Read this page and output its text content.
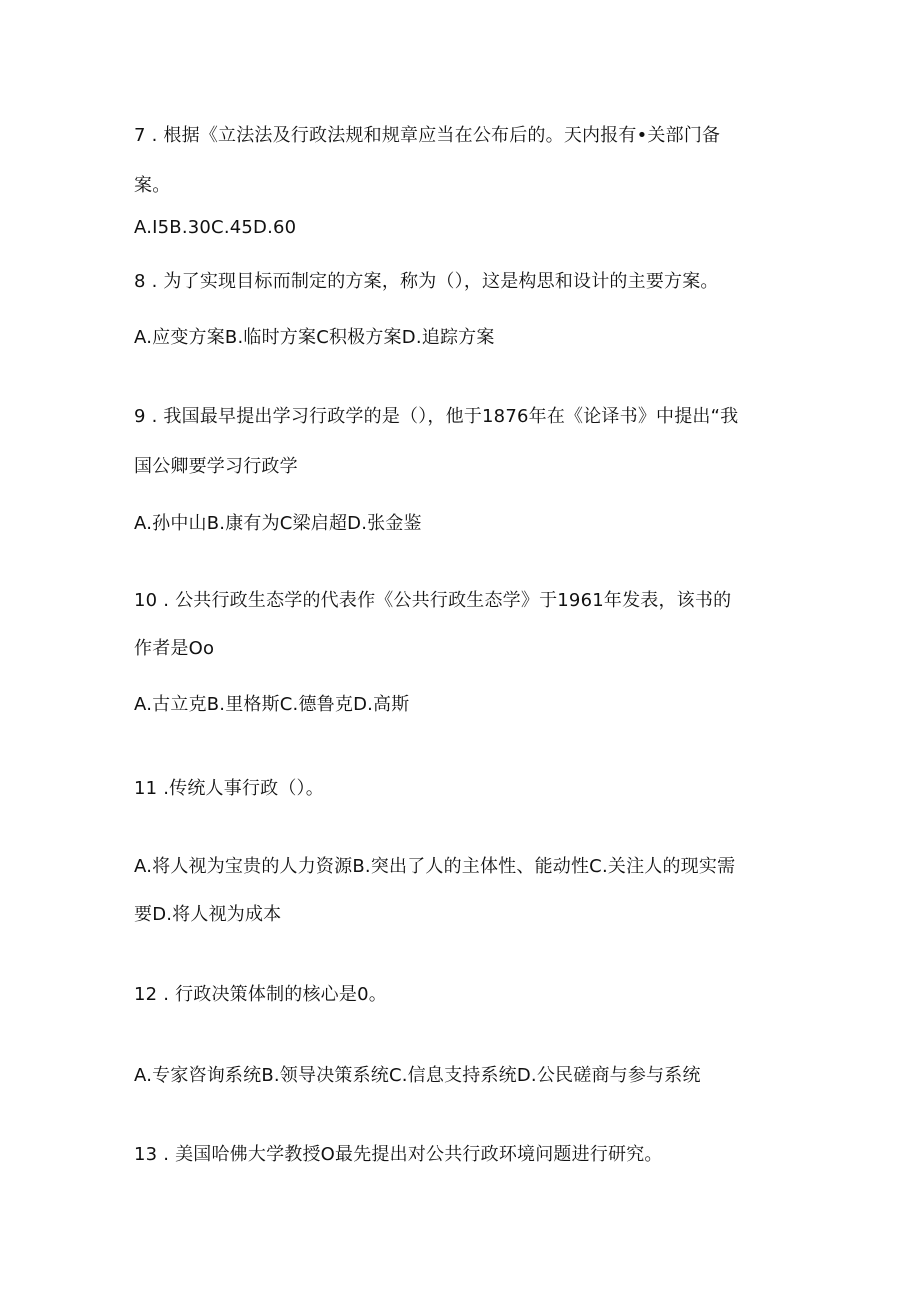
7 . 根据《立法法及行政法规和规章应当在公布后的。天内报有•关部门备
案。
A.I5B.30C.45D.60
8 . 为了实现目标而制定的方案，称为（），这是构思和设计的主要方案。
A.应变方案B.临时方案C积极方案D.追踪方案
9 . 我国最早提出学习行政学的是（），他于1876年在《论译书》中提出“我
国公卿要学习行政学
A.孙中山B.康有为C梁启超D.张金鉴
10 . 公共行政生态学的代表作《公共行政生态学》于1961年发表，该书的
作者是Oo
A.古立克B.里格斯C.德鲁克D.高斯
11 .传统人事行政（）。
A.将人视为宝贵的人力资源B.突出了人的主体性、能动性C.关注人的现实需
要D.将人视为成本
12 . 行政决策体制的核心是0。
A.专家咨询系统B.领导决策系统C.信息支持系统D.公民磋商与参与系统
13 . 美国哈佛大学教授O最先提出对公共行政环境问题进行研究。
